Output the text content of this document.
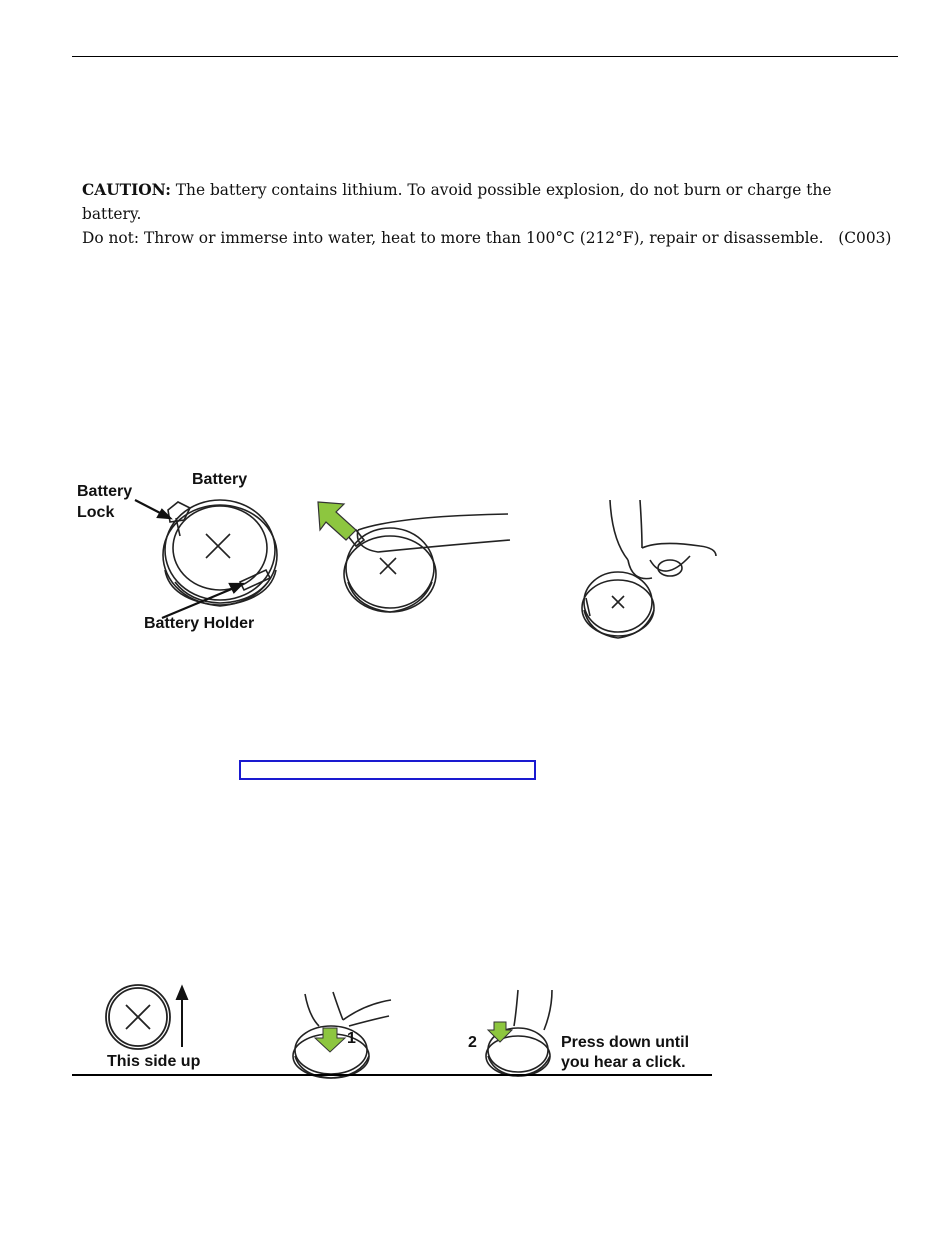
CAUTION: The battery contains lithium. To avoid possible explosion, do not burn or charge the
battery.
Do not: Throw or immerse into water, heat to more than 100°C (212°F), repair or disassemble. (C003)
Battery
Battery
Lock
Battery Holder
This side up
1	2	Press down until
you hear a click.
